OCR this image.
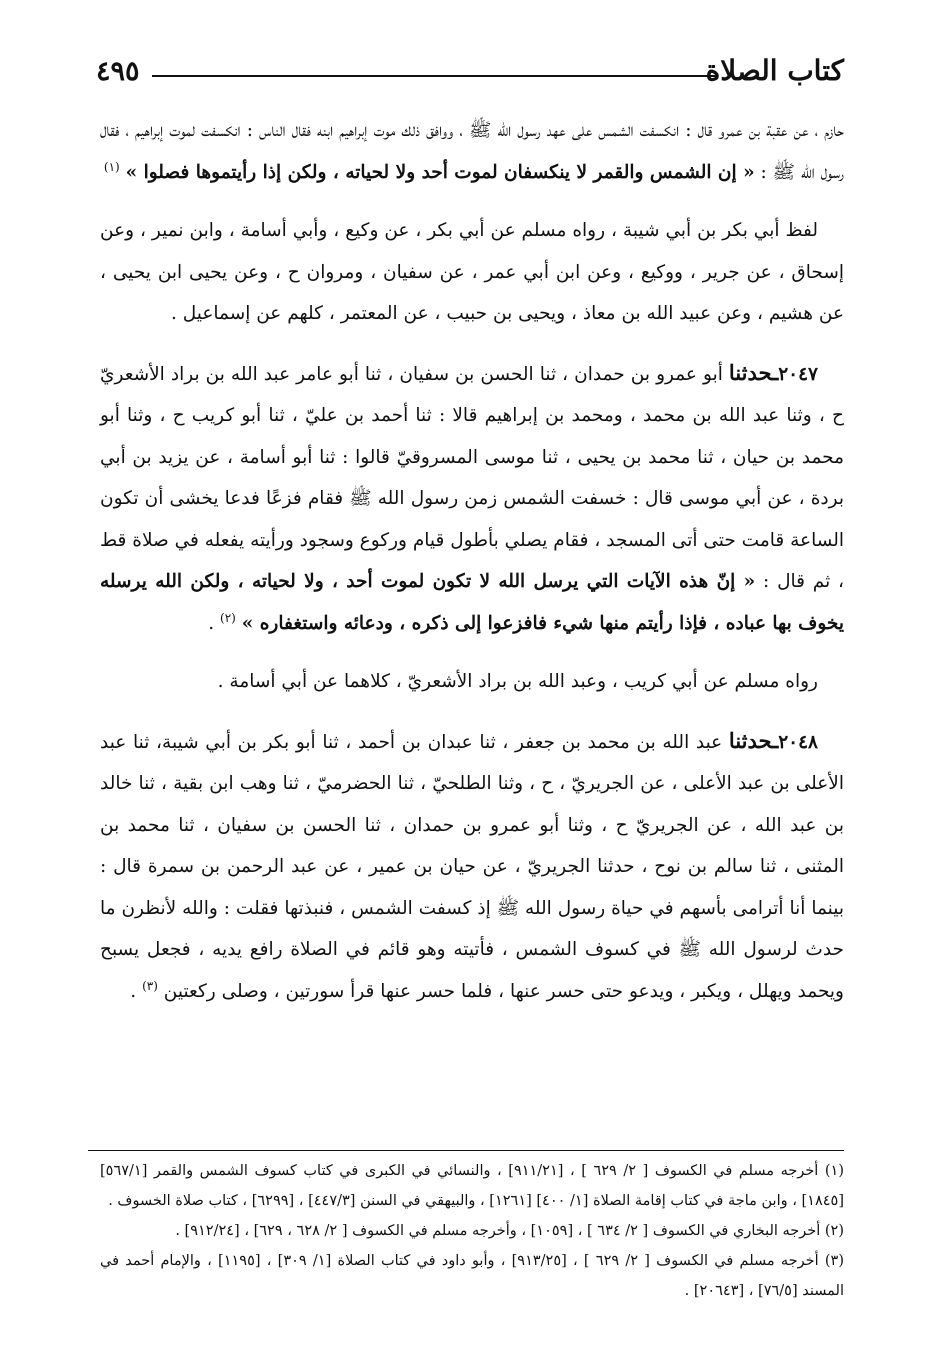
كتاب الصلاة
٤٩٥

حازم ، عن عقبة بن عمرو قال : انكسفت الشمس على عهد رسول الله ﷺ ، ووافق ذلك موت إبراهيم ابنه فقال الناس : انكسفت لموت إبراهيم ، فقال رسول الله ﷺ : « إن الشمس والقمر لا ينكسفان لموت أحد ولا لحياته ، ولكن إذا رأيتموها فصلوا » $^{(١)}$

لفظ أبي بكر بن أبي شيبة ، رواه مسلم عن أبي بكر ، عن وكيع ، وأبي أسامة ، وابن نمير ، وعن إسحاق ، عن جرير ، ووكيع ، وعن ابن أبي عمر ، عن سفيان ، ومروان ح ، وعن يحيى ابن يحيى ، عن هشيم ، وعن عبيد الله بن معاذ ، ويحيى بن حبيب ، عن المعتمر ، كلهم عن إسماعيل .

٢٠٤٧ـحدثنا أبو عمرو بن حمدان ، ثنا الحسن بن سفيان ، ثنا أبو عامر عبد الله بن براد الأشعريّ ح ، وثنا عبد الله بن محمد ، ومحمد بن إبراهيم قالا : ثنا أحمد بن عليّ ، ثنا أبو كريب ح ، وثنا أبو محمد بن حيان ، ثنا محمد بن يحيى ، ثنا موسى المسروقيّ قالوا : ثنا أبو أسامة ، عن يزيد بن أبي بردة ، عن أبي موسى قال : خسفت الشمس زمن رسول الله ﷺ فقام فزعًا فدعا يخشى أن تكون الساعة قامت حتى أتى المسجد ، فقام يصلي بأطول قيام وركوع وسجود ورأيته يفعله في صلاة قط ، ثم قال : « إنّ هذه الآيات التي يرسل الله لا تكون لموت أحد ، ولا لحياته ، ولكن الله يرسله يخوف بها عباده ، فإذا رأيتم منها شيء فافزعوا إلى ذكره ، ودعائه واستغفاره » $^{(٢)}$ .

رواه مسلم عن أبي كريب ، وعبد الله بن براد الأشعريّ ، كلاهما عن أبي أسامة .

٢٠٤٨ـحدثنا عبد الله بن محمد بن جعفر ، ثنا عبدان بن أحمد ، ثنا أبو بكر بن أبي شيبة، ثنا عبد الأعلى بن عبد الأعلى ، عن الجريريّ ، ح ، وثنا الطلحيّ ، ثنا الحضرميّ ، ثنا وهب ابن بقية ، ثنا خالد بن عبد الله ، عن الجريريّ ح ، وثنا أبو عمرو بن حمدان ، ثنا الحسن بن سفيان ، ثنا محمد بن المثنى ، ثنا سالم بن نوح ، حدثنا الجريريّ ، عن حيان بن عمير ، عن عبد الرحمن بن سمرة قال : بينما أنا أترامى بأسهم في حياة رسول الله ﷺ إذ كسفت الشمس ، فنبذتها فقلت : والله لأنظرن ما حدث لرسول الله ﷺ في كسوف الشمس ، فأتيته وهو قائم في الصلاة رافع يديه ، فجعل يسبح ويحمد ويهلل ، ويكبر ، ويدعو حتى حسر عنها ، فلما حسر عنها قرأ سورتين ، وصلى ركعتين $^{(٣)}$ .

(١) أخرجه مسلم في الكسوف [ ٢/ ٦٢٩ ] ، [٩١١/٢١] ، والنسائي في الكبرى في كتاب كسوف الشمس والقمر [٥٦٧/١] [١٨٤٥] ، وابن ماجة في كتاب إقامة الصلاة [١/ ٤٠٠] [١٢٦١] ، والبيهقي في السنن [٤٤٧/٣] ، [٦٢٩٩] ، كتاب صلاة الخسوف .

(٢) أخرجه البخاري في الكسوف [ ٢/ ٦٣٤ ] ، [١٠٥٩] ، وأخرجه مسلم في الكسوف [ ٢/ ٦٢٨ ، ٦٢٩] ، [٩١٢/٢٤] .

(٣) أخرجه مسلم في الكسوف [ ٢/ ٦٢٩ ] ، [٩١٣/٢٥] ، وأبو داود في كتاب الصلاة [١/ ٣٠٩] ، [١١٩٥] ، والإمام أحمد في المسند [٧٦/٥] ، [٢٠٦٤٣] .
